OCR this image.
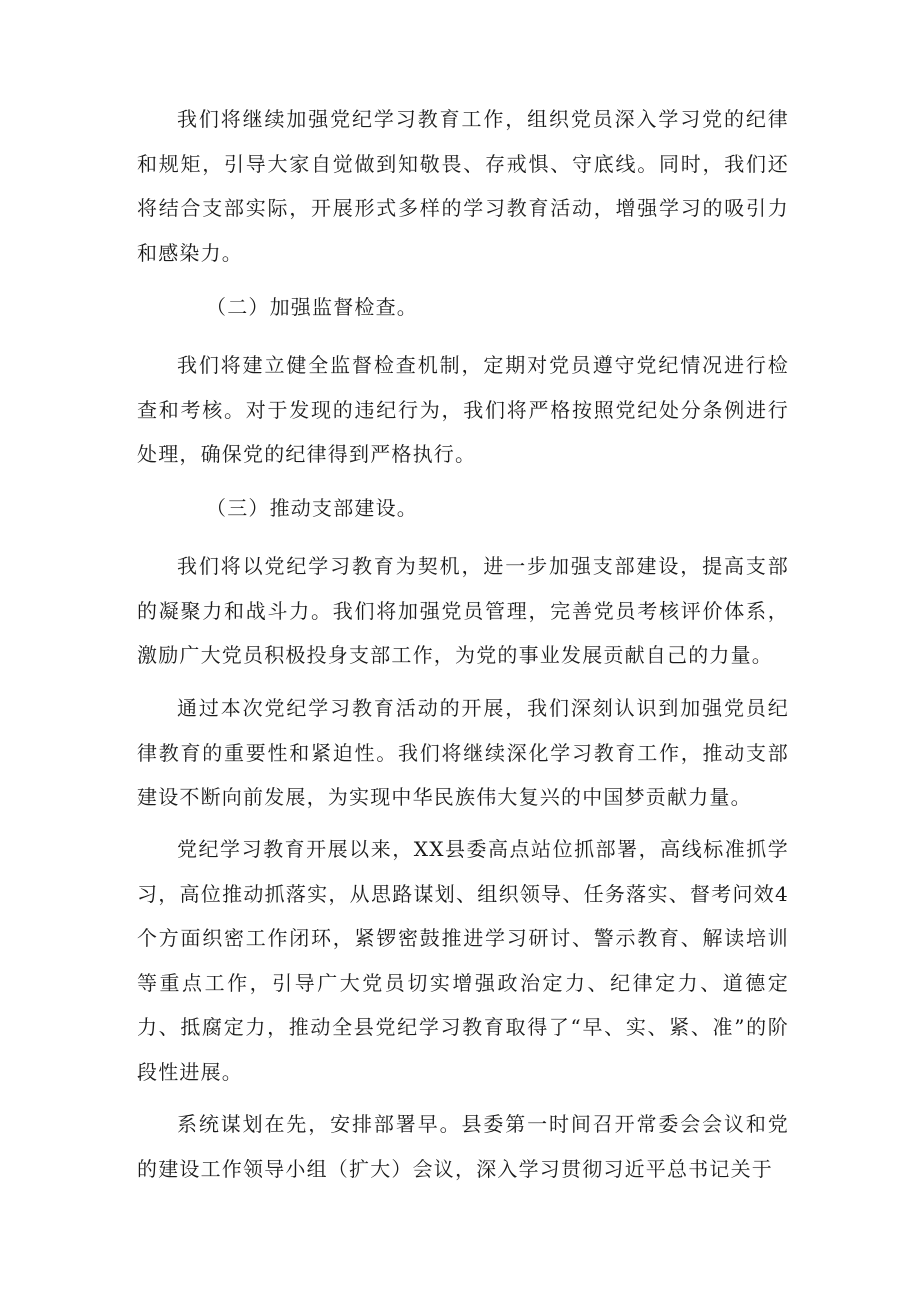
我们将继续加强党纪学习教育工作，组织党员深入学习党的纪律和规矩，引导大家自觉做到知敬畏、存戒惧、守底线。同时，我们还将结合支部实际，开展形式多样的学习教育活动，增强学习的吸引力和感染力。

（二）加强监督检查。

我们将建立健全监督检查机制，定期对党员遵守党纪情况进行检查和考核。对于发现的违纪行为，我们将严格按照党纪处分条例进行处理，确保党的纪律得到严格执行。

（三）推动支部建设。

我们将以党纪学习教育为契机，进一步加强支部建设，提高支部的凝聚力和战斗力。我们将加强党员管理，完善党员考核评价体系，激励广大党员积极投身支部工作，为党的事业发展贡献自己的力量。

通过本次党纪学习教育活动的开展，我们深刻认识到加强党员纪律教育的重要性和紧迫性。我们将继续深化学习教育工作，推动支部建设不断向前发展，为实现中华民族伟大复兴的中国梦贡献力量。

党纪学习教育开展以来，XX县委高点站位抓部署，高线标准抓学习，高位推动抓落实，从思路谋划、组织领导、任务落实、督考问效4个方面织密工作闭环，紧锣密鼓推进学习研讨、警示教育、解读培训等重点工作，引导广大党员切实增强政治定力、纪律定力、道德定力、抵腐定力，推动全县党纪学习教育取得了“早、实、紧、准”的阶段性进展。

系统谋划在先，安排部署早。县委第一时间召开常委会会议和党的建设工作领导小组（扩大）会议，深入学习贯彻习近平总书记关于
